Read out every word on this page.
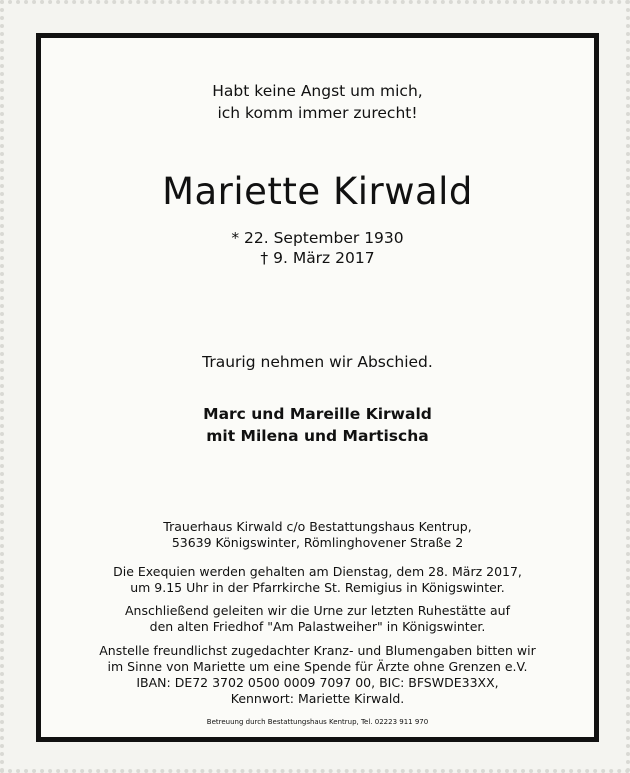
Habt keine Angst um mich,
ich komm immer zurecht!
Mariette Kirwald
* 22. September 1930
† 9. März 2017
Traurig nehmen wir Abschied.
Marc und Mareille Kirwald
mit Milena und Martischa
Trauerhaus Kirwald c/o Bestattungshaus Kentrup,
53639 Königswinter, Römlinghovener Straße 2
Die Exequien werden gehalten am Dienstag, dem 28. März 2017,
um 9.15 Uhr in der Pfarrkirche St. Remigius in Königswinter.
Anschließend geleiten wir die Urne zur letzten Ruhestätte auf
den alten Friedhof "Am Palastweiher" in Königswinter.
Anstelle freundlichst zugedachter Kranz- und Blumengaben bitten wir
im Sinne von Mariette um eine Spende für Ärzte ohne Grenzen e.V.
IBAN: DE72 3702 0500 0009 7097 00, BIC: BFSWDE33XX,
Kennwort: Mariette Kirwald.
Betreuung durch Bestattungshaus Kentrup, Tel. 02223 911 970
